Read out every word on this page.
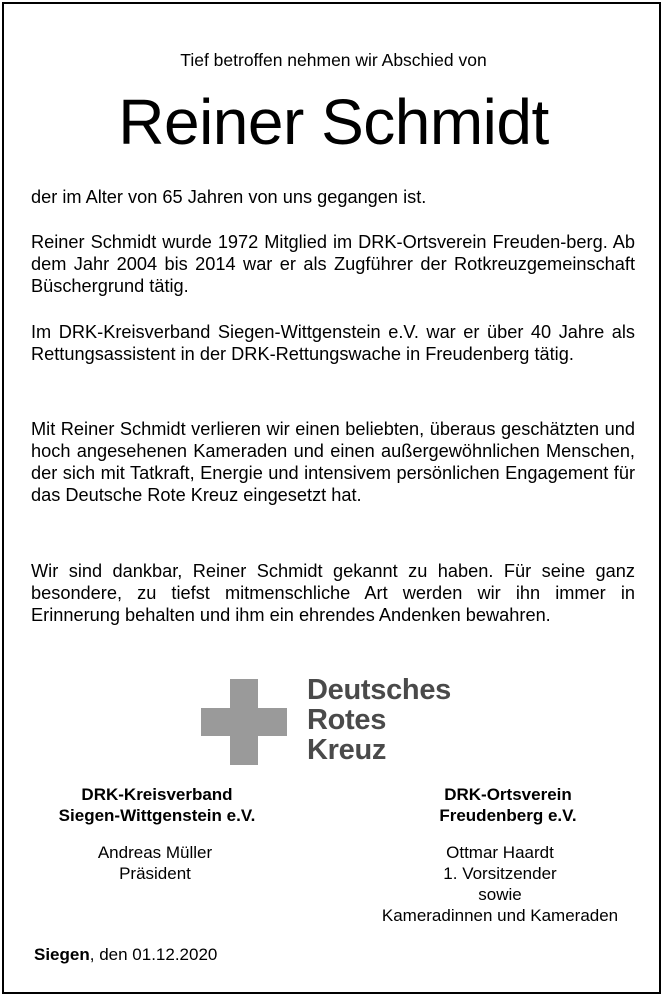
Tief betroffen nehmen wir Abschied von
Reiner Schmidt

der im Alter von 65 Jahren von uns gegangen ist.

Reiner Schmidt wurde 1972 Mitglied im DRK-Ortsverein Freuden-berg. Ab dem Jahr 2004 bis 2014 war er als Zugführer der Rotkreuzgemeinschaft Büschergrund tätig.

Im DRK-Kreisverband Siegen-Wittgenstein e.V. war er über 40 Jahre als Rettungsassistent in der DRK-Rettungswache in Freudenberg tätig.

Mit Reiner Schmidt verlieren wir einen beliebten, überaus geschätzten und hoch angesehenen Kameraden und einen außergewöhnlichen Menschen, der sich mit Tatkraft, Energie und intensivem persönlichen Engagement für das Deutsche Rote Kreuz eingesetzt hat.

Wir sind dankbar, Reiner Schmidt gekannt zu haben. Für seine ganz besondere, zu tiefst mitmenschliche Art werden wir ihn immer in Erinnerung behalten und ihm ein ehrendes Andenken bewahren.

Deutsches
Rotes
Kreuz
DRK-Kreisverband
Siegen-Wittgenstein e.V.
DRK-Ortsverein
Freudenberg e.V.
Andreas Müller
Präsident
Ottmar Haardt
1. Vorsitzender
sowie
Kameradinnen und Kameraden
Siegen, den 01.12.2020
